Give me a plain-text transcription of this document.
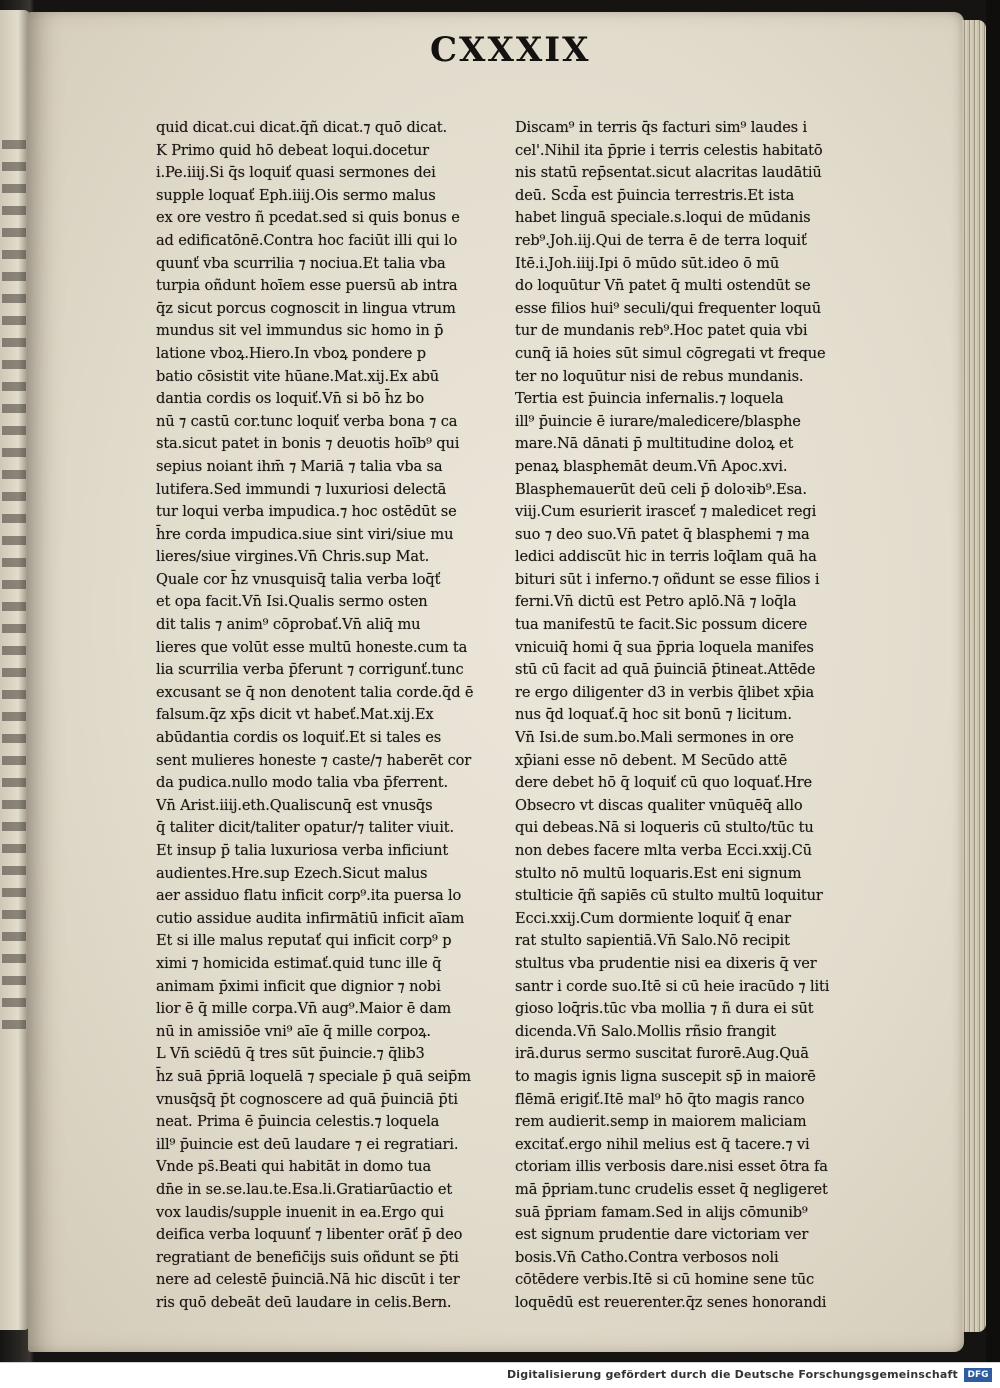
CXXXIX
quid dicat.cui dicat.q̄ñ dicat.⁊ quō dicat.
K Primo quid hō debeat loqui.docetur
i.Pe.iiij.Si q̄s loquiť quasi sermones dei
supple loquať Eph.iiij.Ois sermo malus
ex ore vestro ñ pcedat.sed si quis bonus e
ad edificatōnē.Contra hoc faciūt illi qui lo
quunť vba scurrilia ⁊ nociua.Et talia vba
turpia oñdunt hoīem esse puersū ab intra
q̄z sicut porcus cognoscit in lingua vtrum
mundus sit vel immundus sic homo in p̄
latione vboꝝ.Hiero.In vboꝝ pondere p
batio cōsistit vite hūane.Mat.xij.Ex abū
dantia cordis os loquiť.Vn̄ si bō h̄z bo
nū ⁊ castū cor.tunc loquiť verba bona ⁊ ca
sta.sicut patet in bonis ⁊ deuotis hoīb⁹ qui
sepius noiant ihm̄ ⁊ Mariā ⁊ talia vba sa
lutifera.Sed immundi ⁊ luxuriosi delectā
tur loqui verba impudica.⁊ hoc ostēdūt se
h̄re corda impudica.siue sint viri/siue mu
lieres/siue virgines.Vn̄ Chris.sup Mat.
Quale cor h̄z vnusquisq̄ talia verba loq̄ť
et opa facit.Vn̄ Isi.Qualis sermo osten
dit talis ⁊ anim⁹ cōprobať.Vn̄ aliq̄ mu
lieres que volūt esse multū honeste.cum ta
lia scurrilia verba p̄ferunt ⁊ corrigunť.tunc
excusant se q̄ non denotent talia corde.q̄d ē
falsum.q̄z xp̄s dicit vt habeť.Mat.xij.Ex
abūdantia cordis os loquiť.Et si tales es
sent mulieres honeste ⁊ caste/⁊ haberēt cor
da pudica.nullo modo talia vba p̄ferrent.
Vn̄ Arist.iiij.eth.Qualiscunq̄ est vnusq̄s
q̄ taliter dicit/taliter opatur/⁊ taliter viuit.
Et insup p̄ talia luxuriosa verba inficiunt
audientes.Hre.sup Ezech.Sicut malus
aer assiduo flatu inficit corp⁹.ita puersa lo
cutio assidue audita infirmātiū inficit aīam
Et si ille malus reputať qui inficit corp⁹ p
ximi ⁊ homicida estimať.quid tunc ille q̄
animam p̄ximi inficit que dignior ⁊ nobi
lior ē q̄ mille corpa.Vn̄ aug⁹.Maior ē dam
nū in amissiōe vni⁹ aīe q̄ mille corpoꝝ.
L Vn̄ sciēdū q̄ tres sūt p̄uincie.⁊ q̄lib3
h̄z suā p̄priā loquelā ⁊ speciale p̄ quā seip̄m
vnusq̄sq̄ p̄t cognoscere ad quā p̄uinciā p̄ti
neat. Prima ē p̄uincia celestis.⁊ loquela
ill⁹ p̄uincie est deū laudare ⁊ ei regratiari.
Vnde ps̄.Beati qui habitāt in domo tua
dn̄e in se.se.lau.te.Esa.li.Gratiarūactio et
vox laudis/supple inuenit in ea.Ergo qui
deifica verba loquunť ⁊ libenter orāť p̄ deo
regratiant de benefic̄ijs suis oñdunt se p̄ti
nere ad celestē p̄uinciā.Nā hic discūt i ter
ris quō debeāt deū laudare in celis.Bern.
Discam⁹ in terris q̄s facturi sim⁹ laudes i
cel'.Nihil ita p̄prie i terris celestis habitatō
nis statū rep̄sentat.sicut alacritas laudātiū
deū. Scd̄a est p̄uincia terrestris.Et ista
habet linguā speciale.s.loqui de mūdanis
reb⁹.Joh.iij.Qui de terra ē de terra loquiť
Itē.i.Joh.iiij.Ipi ō mūdo sūt.ideo ō mū
do loquūtur Vn̄ patet q̄ multi ostendūt se
esse filios hui⁹ seculi/qui frequenter loquū
tur de mundanis reb⁹.Hoc patet quia vbi
cunq̄ iā hoies sūt simul cōgregati vt freque
ter no loquūtur nisi de rebus mundanis.
Tertia est p̄uincia infernalis.⁊ loquela
ill⁹ p̄uincie ē iurare/maledicere/blasphe
mare.Nā dānati p̄ multitudine doloꝝ et
penaꝝ blasphemāt deum.Vn̄ Apoc.xvi.
Blasphemauerūt deū celi p̄ doloꝛib⁹.Esa.
viij.Cum esurierit irasceť ⁊ maledicet regi
suo ⁊ deo suo.Vn̄ patet q̄ blasphemi ⁊ ma
ledici addiscūt hic in terris loq̄lam quā ha
bituri sūt i inferno.⁊ oñdunt se esse filios i
ferni.Vn̄ dictū est Petro aplō.Nā ⁊ loq̄la
tua manifestū te facit.Sic possum dicere
vnicuiq̄ homi q̄ sua p̄pria loquela manifes
stū cū facit ad quā p̄uinciā p̄tineat.Attēde
re ergo diligenter d3 in verbis q̄libet xp̄ia
nus q̄d loquať.q̄ hoc sit bonū ⁊ licitum.
Vn̄ Isi.de sum.bo.Mali sermones in ore
xp̄iani esse nō debent. M Secūdo attē
dere debet hō q̄ loquiť cū quo loquať.Hre
Obsecro vt discas qualiter vnūquēq̄ allo
qui debeas.Nā si loqueris cū stulto/tūc tu
non debes facere mlta verba Ecci.xxij.Cū
stulto nō multū loquaris.Est eni signum
stulticie q̄ñ sapiēs cū stulto multū loquitur
Ecci.xxij.Cum dormiente loquiť q̄ enar
rat stulto sapientiā.Vn̄ Salo.Nō recipit
stultus vba prudentie nisi ea dixeris q̄ ver
santr i corde suo.Itē si cū heie iracūdo ⁊ liti
gioso loq̄ris.tūc vba mollia ⁊ ñ dura ei sūt
dicenda.Vn̄ Salo.Mollis rñsio frangit
irā.durus sermo suscitat furorē.Aug.Quā
to magis ignis ligna suscepit sp̄ in maiorē
flēmā erigiť.Itē mal⁹ hō q̄to magis ranco
rem audierit.semp in maiorem maliciam
excitať.ergo nihil melius est q̄ tacere.⁊ vi
ctoriam illis verbosis dare.nisi esset ōtra fa
mā p̄priam.tunc crudelis esset q̄ negligeret
suā p̄priam famam.Sed in alijs cōmunib⁹
est signum prudentie dare victoriam ver
bosis.Vn̄ Catho.Contra verbosos noli
cōtēdere verbis.Itē si cū homine sene tūc
loquēdū est reuerenter.q̄z senes honorandi
Digitalisierung gefördert durch die Deutsche Forschungsgemeinschaft	DFG
